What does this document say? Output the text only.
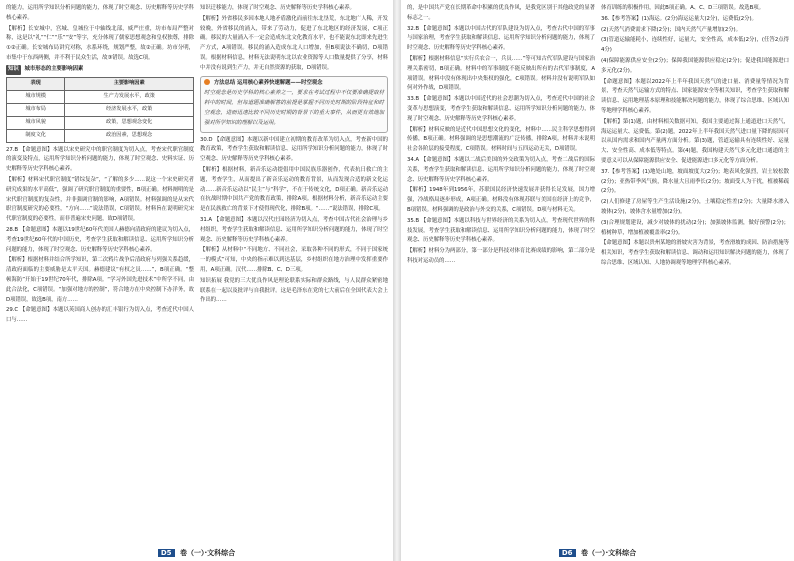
的能力，运用所学知识分析问题的能力，体现了时空观念、历史解释等历史学科核心素养。

【解析】长安城中，宫城、皇城位于中轴线北部，威严庄重，坊市布局严整对称，这是以“礼”“仁”“乐”“安”等字，充分体现了儒家思想观念和皇权独尊，排除①②正确。长安城布局讲究对称，水系环绕，规划严整，故②正确。坊市分明，市集中于东西两侧，并不利于民众生活，故③错误。故选C项。

知识 城市形态的主要影响因素

表现	主要影响因素
城市规模	生产力发展水平，政策
城市布局	经济发展水平，政策
城市风貌	政策，思想观念变化
制度文化	政治因素，思想观念

27.B 【命题意图】本题以宋史研究中的职官制度为切入点，考查宋代职官制度的演变及特点，运用所学知识分析问题的能力，体现了时空观念、史料实证、历史解释等历史学科核心素养。

【解析】材料宋代职官制度“错综复杂”，“了解的多少……说这一个宋史研究者研究成果的水平高低”，强调了研究职官制度的重要性，B项正确。材料阐明的是宋代职官制度的复杂性，并非强调官制的影响，A项错误。材料强调的是从宋代职官制度研究的必要性，“方向……”说法错误，C项错误。材料旨在说明研究宋代职官制度的必要性，而非普遍宋史问题，故D项错误。

28.B 【命题意图】本题以19世纪60年代美国人赫德向清政府的建议为切入点，考查19世纪60年代的中国历史，考查学生获取和解读信息、运用所学知识分析问题的能力，体现了时空观念、历史解释等历史学科核心素养。

【解析】根据材料并结合所学知识，第二次鸦片战争后清政府与列强关系趋缓，清政府面临的主要威胁是太平天国。赫德建议“有权之员……”，B项正确。“整顿海防”开始于19世纪70年代，排除A项。“学习外国先进技术”中所学不同，由此合法化，C项错误。“加强对地方的控制”，符合地方在中央控制下办洋务，故D项错误，故选B项，南方……

29.C 【命题意图】本题以英国商人创办的汇丰银行为切入点，考查近代中国人口与……

知识迁移能力，体现了时空观念、历史解释等历史学科核心素养。

【解析】外省移民多因本地人地矛盾激化而前往东北垦荒，东北地广人稀，开发较晚，外省移民的涌入，带来了劳动力，促进了东北地区的经济发展，C项正确。移民的大量涌入不一定会造成东北文化教育水平，也不能说东北即来先进生产方式，A项错误。移民的涌入造成东北人口增加，但B项说法不确切，D项错误。根据材料信息，材料无法说明东北以农业资源等人口数量提供了分享，材料中并没有说到生产力，并无自然资源的获取，D项错误。

方法总结 运用核心素养快速解题——时空观念

时空观念是历史学科的核心素养之一，要求在考试过程中不仅要准确提取材料中的时间，但每道题准确解答的前提是掌握不同历史时期的阶段特征和时空观念，进而迅速比较不同历史时期的背景下的重大事件，从而更有效地加强对所学知识的理解以及运用。

30.D 【命题意图】本题以新中国建立初期的教育改革为切入点，考查新中国的教育政策，考查学生获取和解读信息、运用所学知识分析问题的能力，体现了时空观念、历史解释等历史学科核心素养。

【解析】根据材料，新音乐运动提倡用中国民族乐器创作，代表抗日救亡的主题，考查学生，从而提出了新音乐运动的教育背景，从而发现合适的新文化运动……新音乐运动以“民主”与“科学”，不在于传统文化，D项正确。新音乐运动在抗战时期中国共产党的教育政策，排除A项。根据材料分析，新音乐运动主要是在民族救亡的背景下才使得现代化，排除B项。“……”说法错误，排除C项。

31.A 【命题意图】本题以汉代庄园经济为切入点，考查中国古代社会治理与乡村组织，考查学生获取和解读信息、运用所学知识分析问题的能力，体现了时空观念、历史解释等历史学科核心素养。

【解析】从材料中“不同地方、不同社会，采取各种不同的形式，不同于国家统一的模式”可知，中央的指示难以到达基层，乡村组织在地方治理中发挥重要作用，A项正确。汉代……排除B、C、D三项。

知识拓展 我党的三大优良作风是理论联系实际和群众路线，与人民群众紧密地联系在一起以及批评与自我批评。这是毛泽东在党的七大前后在全国代表大会上作出的……

D5 卷（一）·文科综合

的，是中国共产党在长期革命中积累的优良作风，是我党区别于其他政党的显著标志之一。

32.B 【命题意图】本题以中国古代的军队建设为切入点，考查古代中国的军事与国家治理，考查学生获取和解读信息、运用所学知识分析问题的能力，体现了时空观念、历史解释等历史学科核心素养。

【解析】根据材料信息“实行兵农合一，兵员……”等可知古代军队建设与国家治理关系密切，B项正确。材料中的军事制度不能反映出所有的古代军事制度，A项错误。材料中没有体现出中央集权的强化，C项错误。材料并没有说明军队如何对外作战，D项错误。

33.B 【命题意图】本题以中国近代的社会思潮为切入点，考查近代中国的社会变革与思想演变，考查学生获取和解读信息、运用所学知识分析问题的能力，体现了时空观念、历史解释等历史学科核心素养。

【解析】材料反映的是近代中国思想文化的变化，材料中……民主科学思想得到传播，B项正确。材料强调的是思想潮流的广泛传播，排除A项。材料并未说明社会各阶层的接受程度，C项错误。材料时间与五四运动无关，D项错误。

34.A 【命题意图】本题以二战后美国的外交政策为切入点，考查二战后的国际关系，考查学生获取和解读信息、运用所学知识分析问题的能力，体现了时空观念、历史解释等历史学科核心素养。

【解析】1948年到1956年，苏联国民经济快速发展并获得长足发展，国力增强，冷战格局逐步形成，A项正确。材料没有体现苏联与美国在经济上的竞争，B项错误。材料强调的是政治与外交的关系，C项错误。D项与材料无关。

35.B 【命题意图】本题以科技与世界经济的关系为切入点，考查现代世界的科技发展，考查学生获取和解读信息、运用所学知识分析问题的能力，体现了时空观念、历史解释等历史学科核心素养。

【解析】材料分为两部分，第一部分是科技对体育比赛成绩的影响，第二部分是科技对运动员的……

体育训练的积极作用，因此B项正确。A、C、D三项错误。故选B项。

36.【参考答案】(1)海运。(2分)海运运量大(2分)，运费低(2分)。

(2)天然气消费需求下降(2分)；国内天然气产量增加(2分)。

(3)管道运输能耗小，连续性好，运量大，安全性高，成本低(2分)，(任答2点得4分)

(4)保障能源供应安全(2分)；保障我国能源供应稳定(2分)；促进我国能源进口多元化(2分)。

【命题意图】本题以2022年上半年我国天然气的进口量、消费量等情况为背景，考查天然气运输方式的特点、国家能源安全等相关知识，考查学生获取和解读信息、运用地理基本原理和技能解决问题的能力，体现了综合思维、区域认知等地理学科核心素养。

【解析】第(1)题，由材料相关数据可知，我国主要通过海上通道进口天然气，海运运量大、运费低。第(2)题，2022年上半年我国天然气进口量下降的原因可以从国内需求和国内产量两方面分析。第(3)题，管道运输具有连续性好、运量大、安全性高、成本低等特点。第(4)题，我国构建天然气多元化进口通道的主要意义可以从保障能源供应安全、促进能源进口多元化等方面分析。

37.【参考答案】(1)地处山地，坡面坡度大(2分)；地表风化强烈，岩土较松散(2分)；亚热带季风气候，降水量大且雨季长(2分)；坡面受人为干扰，植被稀疏(2分)。

(2)人们修建了房屋等生产生活设施(2分)，土壤稳定性差(2分)；大量降水渗入坡体(2分)，坡体含水量增加(2分)。

(3)合理规划建设，减少对坡体的扰动(2分)；加强坡体监测，做好预警(2分)；植树种草，增加植被覆盖率(2分)。

【命题意图】本题以贵州某地的滑坡灾害为背景，考查滑坡的成因、防治措施等相关知识，考查学生获取和解读信息、调动和运用知识解决问题的能力，体现了综合思维、区域认知、人地协调观等地理学科核心素养。

D6 卷（一）·文科综合
